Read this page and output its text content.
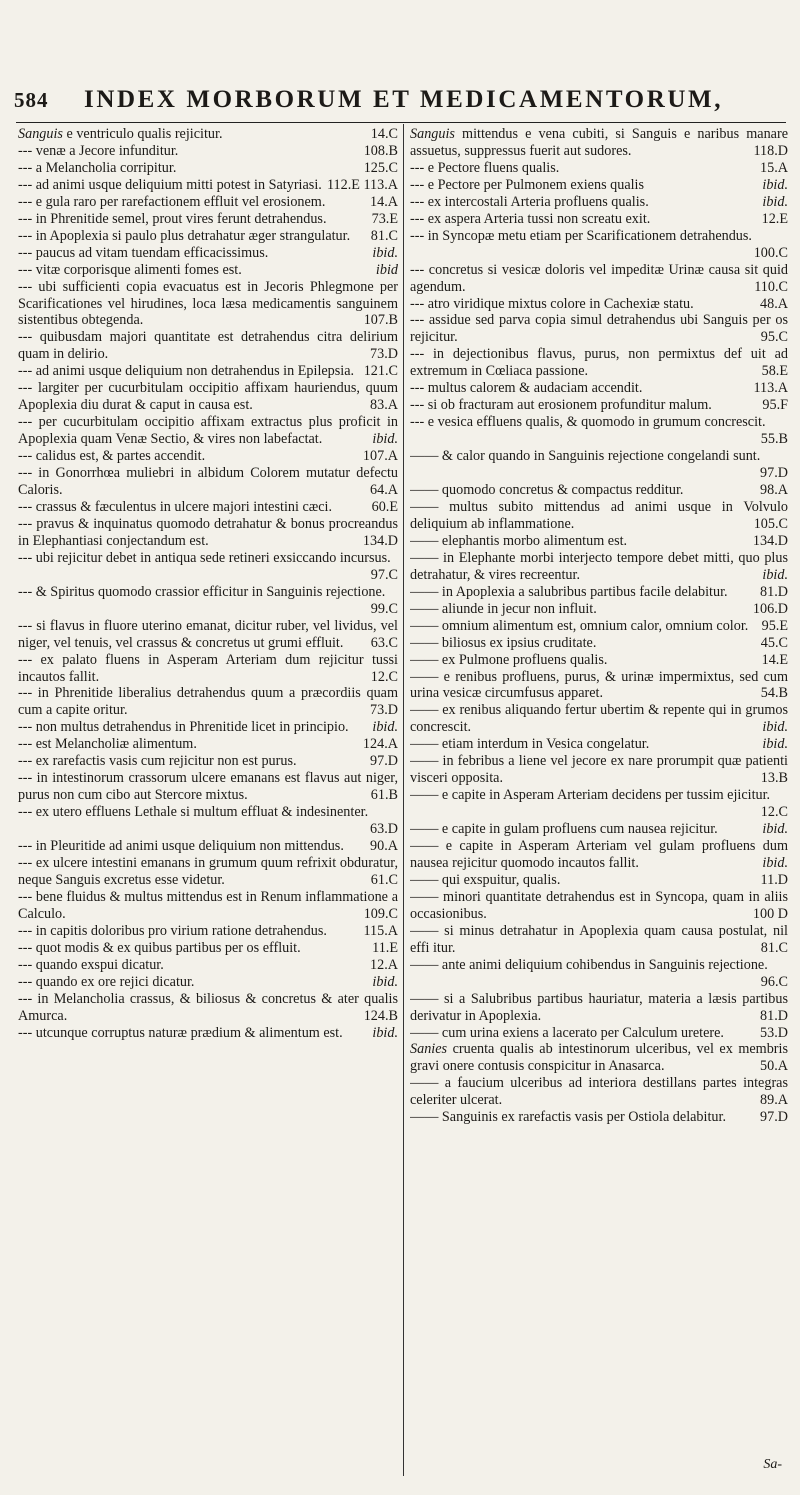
584	INDEX MORBORUM ET MEDICAMENTORUM,
Sanguis e ventriculo qualis rejicitur.	14.C
--- venæ a Jecore infunditur.	108.B
--- a Melancholia corripitur.	125.C
--- ad animi usque deliquium mitti potest in Satyriasi. 112.E 113.A
--- e gula raro per rarefactionem effluit vel erosionem.	14.A
--- in Phrenitide semel, prout vires ferunt detrahendus.	73.E
--- in Apoplexia si paulo plus detrahatur æger strangulatur. 81.C
--- paucus ad vitam tuendam efficacissimus.	ibid.
--- vitæ corporisque alimenti fomes est.	ibid
--- ubi sufficienti copia evacuatus est in Jecoris Phlegmone per Scarificationes vel hirudines, loca læsa medicamentis sanguinem sistentibus obtegenda.	107.B
--- quibusdam majori quantitate est detrahendus citra delirium quam in delirio.	73.D
--- ad animi usque deliquium non detrahendus in Epilepsia. 121.C
--- largiter per cucurbitulam occipitio affixam hauriendus, quum Apoplexia diu durat & caput in causa est.	83.A
--- per cucurbitulam occipitio affixam extractus plus proficit in Apoplexia quam Venæ Sectio, & vires non labefactat.	ibid.
--- calidus est, & partes accendit.	107.A
--- in Gonorrhœa muliebri in albidum Colorem mutatur defectu Caloris.	64.A
--- crassus & fæculentus in ulcere majori intestini cæci.	60.E
--- pravus & inquinatus quomodo detrahatur & bonus procreandus in Elephantiasi conjectandum est.	134.D
--- ubi rejicitur debet in antiqua sede retineri exsiccando incursus.
97.C
--- & Spiritus quomodo crassior efficitur in Sanguinis rejectione.
99.C
--- si flavus in fluore uterino emanat, dicitur ruber, vel lividus, vel niger, vel tenuis, vel crassus & concretus ut grumi effluit. 63.C
--- ex palato fluens in Asperam Arteriam dum rejicitur tussi incautos fallit.	12.C
--- in Phrenitide liberalius detrahendus quum a præcordiis quam cum a capite oritur.	73.D
--- non multus detrahendus in Phrenitide licet in principio. ibid.
--- est Melancholiæ alimentum.	124.A
--- ex rarefactis vasis cum rejicitur non est purus.	97.D
--- in intestinorum crassorum ulcere emanans est flavus aut niger, purus non cum cibo aut Stercore mixtus.	61.B
--- ex utero effluens Lethale si multum effluat & indesinenter.
63.D
--- in Pleuritide ad animi usque deliquium non mittendus. 90.A
--- ex ulcere intestini emanans in grumum quum refrixit obduratur, neque Sanguis excretus esse videtur.	61.C
--- bene fluidus & multus mittendus est in Renum inflammatione a Calculo.	109.C
--- in capitis doloribus pro virium ratione detrahendus.	115.A
--- quot modis & ex quibus partibus per os effluit.	11.E
--- quando exspui dicatur.	12.A
--- quando ex ore rejici dicatur.	ibid.
--- in Melancholia crassus, & biliosus & concretus & ater qualis Amurca.	124.B
--- utcunque corruptus naturæ prædium & alimentum est. ibid.
Sanguis mittendus e vena cubiti, si Sanguis e naribus manare assuetus, suppressus fuerit aut sudores.	118.D
--- e Pectore fluens qualis.	15.A
--- e Pectore per Pulmonem exiens qualis	ibid.
--- ex intercostali Arteria profluens qualis.	ibid.
--- ex aspera Arteria tussi non screatu exit.	12.E
--- in Syncopæ metu etiam per Scarificationem detrahendus.
100.C
--- concretus si vesicæ doloris vel impeditæ Urinæ causa sit quid agendum.	110.C
--- atro viridique mixtus colore in Cachexiæ statu.	48.A
--- assidue sed parva copia simul detrahendus ubi Sanguis per os rejicitur.	95.C
--- in dejectionibus flavus, purus, non permixtus def uit ad extremum in Cœliaca passione.	58.E
--- multus calorem & audaciam accendit.	113.A
--- si ob fracturam aut erosionem profunditur malum.	95.F
--- e vesica effluens qualis, & quomodo in grumum concrescit.
55.B
—— & calor quando in Sanguinis rejectione congelandi sunt.
97.D
—— quomodo concretus & compactus redditur.	98.A
—— multus subito mittendus ad animi usque in Volvulo deliquium ab inflammatione.	105.C
—— elephantis morbo alimentum est.	134.D
—— in Elephante morbi interjecto tempore debet mitti, quo plus detrahatur, & vires recreentur.	ibid.
—— in Apoplexia a salubribus partibus facile delabitur. 81.D
—— aliunde in jecur non influit.	106.D
—— omnium alimentum est, omnium calor, omnium color. 95.E
—— biliosus ex ipsius cruditate.	45.C
—— ex Pulmone profluens qualis.	14.E
—— e renibus profluens, purus, & urinæ impermixtus, sed cum urina vesicæ circumfusus apparet.	54.B
—— ex renibus aliquando fertur ubertim & repente qui in grumos concrescit.	ibid.
—— etiam interdum in Vesica congelatur.	ibid.
—— in febribus a liene vel jecore ex nare prorumpit quæ patienti visceri opposita.	13.B
—— e capite in Asperam Arteriam decidens per tussim ejicitur.
12.C
—— e capite in gulam profluens cum nausea rejicitur.	ibid.
—— e capite in Asperam Arteriam vel gulam profluens dum nausea rejicitur quomodo incautos fallit.	ibid.
—— qui exspuitur, qualis.	11.D
—— minori quantitate detrahendus est in Syncopa, quam in aliis occasionibus.	100 D
—— si minus detrahatur in Apoplexia quam causa postulat, nil effi itur.	81.C
—— ante animi deliquium cohibendus in Sanguinis rejectione.
96.C
—— si a Salubribus partibus hauriatur, materia a læsis partibus derivatur in Apoplexia.	81.D
—— cum urina exiens a lacerato per Calculum uretere.	53.D
Sanies cruenta qualis ab intestinorum ulceribus, vel ex membris gravi onere contusis conspicitur in Anasarca.	50.A
—— a faucium ulceribus ad interiora destillans partes integras celeriter ulcerat.	89.A
—— Sanguinis ex rarefactis vasis per Ostiola delabitur. 97.D
Sa-
